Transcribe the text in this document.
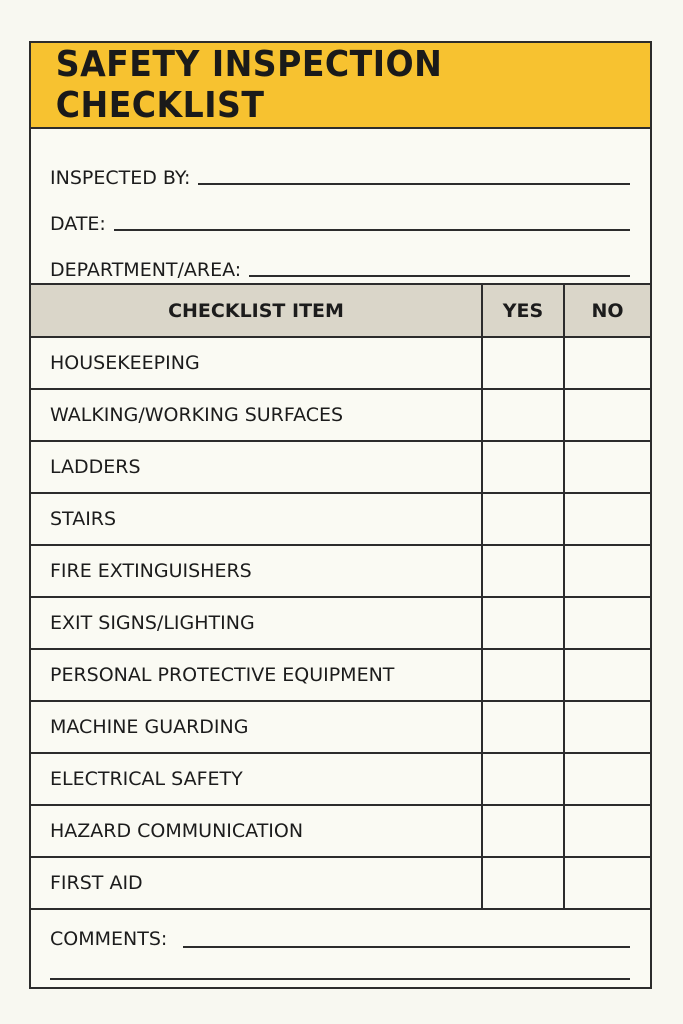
SAFETY INSPECTION CHECKLIST
INSPECTED BY:
DATE:
DEPARTMENT/AREA:
CHECKLIST ITEM	YES	NO
HOUSEKEEPING		
WALKING/WORKING SURFACES		
LADDERS		
STAIRS		
FIRE EXTINGUISHERS		
EXIT SIGNS/LIGHTING		
PERSONAL PROTECTIVE EQUIPMENT		
MACHINE GUARDING		
ELECTRICAL SAFETY		
HAZARD COMMUNICATION		
FIRST AID		
COMMENTS:
